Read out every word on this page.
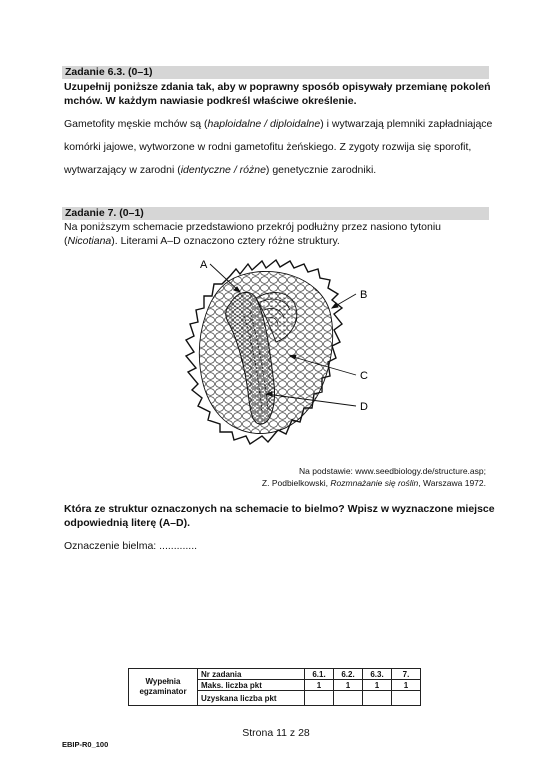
Zadanie 6.3. (0–1)
Uzupełnij poniższe zdania tak, aby w poprawny sposób opisywały przemianę pokoleń
mchów. W każdym nawiasie podkreśl właściwe określenie.
Gametofity męskie mchów są (haploidalne / diploidalne) i wytwarzają plemniki zapładniające
komórki jajowe, wytworzone w rodni gametofitu żeńskiego. Z zygoty rozwija się sporofit,
wytwarzający w zarodni (identyczne / różne) genetycznie zarodniki.
Zadanie 7. (0–1)
Na poniższym schemacie przedstawiono przekrój podłużny przez nasiono tytoniu
(Nicotiana). Literami A–D oznaczono cztery różne struktury.
A
B
C
D
Na podstawie: www.seedbiology.de/structure.asp;
Z. Podbielkowski, Rozmnażanie się roślin, Warszawa 1972.
Która ze struktur oznaczonych na schemacie to bielmo? Wpisz w wyznaczone miejsce
odpowiednią literę (A–D).
Oznaczenie bielma: .............
Wypełnia
egzaminator	Nr zadania	6.1.	6.2.	6.3.	7.
	Maks. liczba pkt	1	1	1	1
	Uzyskana liczba pkt				
Strona 11 z 28
EBIP-R0_100
